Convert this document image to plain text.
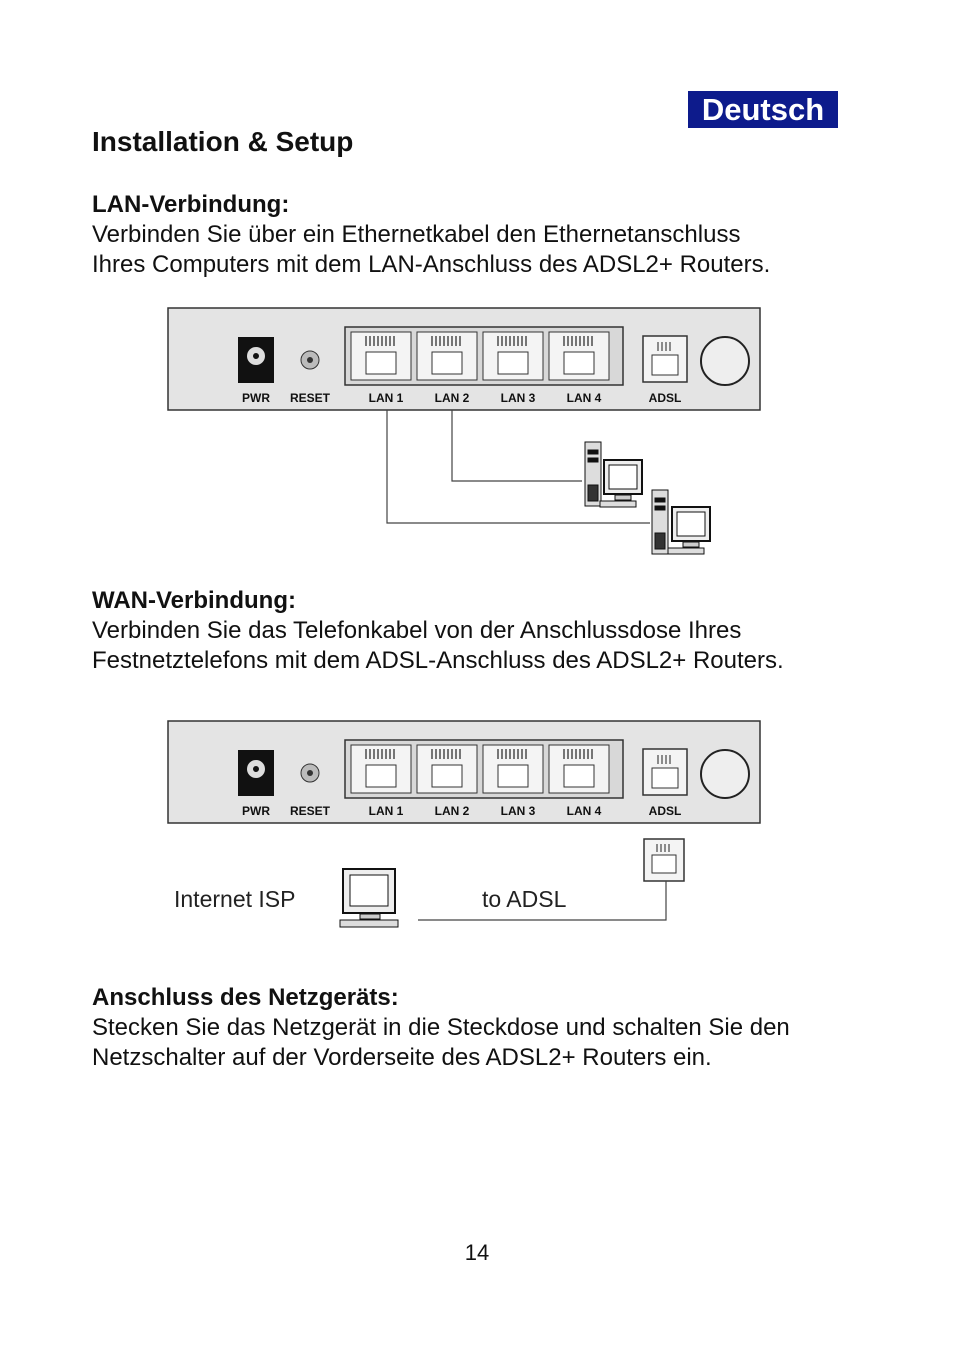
Deutsch
Installation & Setup
LAN-Verbindung:

Verbinden Sie über ein Ethernetkabel den Ethernetanschluss

Ihres Computers mit dem LAN-Anschluss des ADSL2+ Routers.

PWR RESET	LAN 1	LAN 2	LAN 3	LAN 4	ADSL
WAN-Verbindung:

Verbinden Sie das Telefonkabel von der Anschlussdose Ihres

Festnetztelefons mit dem ADSL-Anschluss des ADSL2+ Routers.

PWR RESET	LAN 1	LAN 2	LAN 3	LAN 4	ADSL
Internet ISP	to ADSL
Anschluss des Netzgeräts:

Stecken Sie das Netzgerät in die Steckdose und schalten Sie den

Netzschalter auf der Vorderseite des ADSL2+ Routers ein.

14
